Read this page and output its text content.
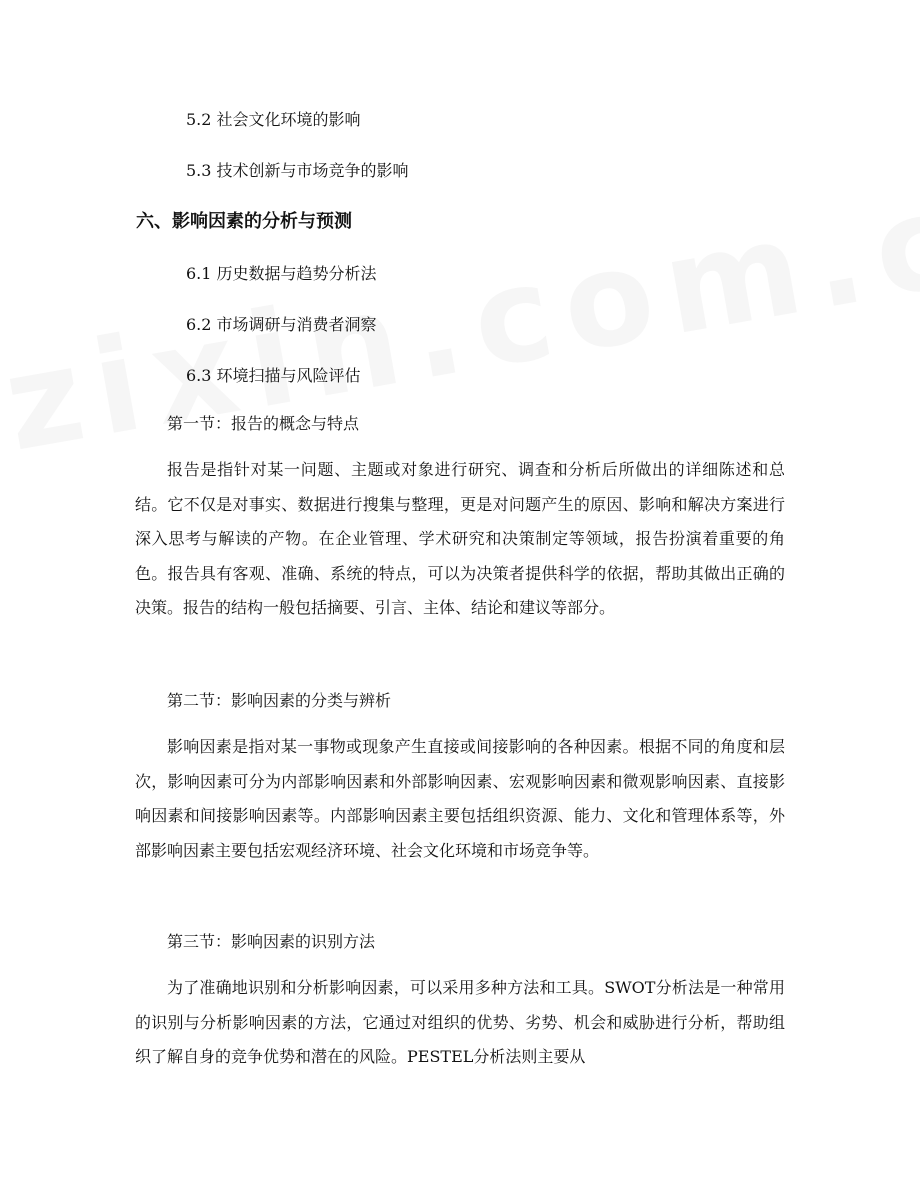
5.2 社会文化环境的影响
5.3 技术创新与市场竞争的影响
六、影响因素的分析与预测
6.1 历史数据与趋势分析法
6.2 市场调研与消费者洞察
6.3 环境扫描与风险评估
第一节：报告的概念与特点

报告是指针对某一问题、主题或对象进行研究、调查和分析后所做出的详细陈述和总结。它不仅是对事实、数据进行搜集与整理，更是对问题产生的原因、影响和解决方案进行深入思考与解读的产物。在企业管理、学术研究和决策制定等领域，报告扮演着重要的角色。报告具有客观、准确、系统的特点，可以为决策者提供科学的依据，帮助其做出正确的决策。报告的结构一般包括摘要、引言、主体、结论和建议等部分。

第二节：影响因素的分类与辨析

影响因素是指对某一事物或现象产生直接或间接影响的各种因素。根据不同的角度和层次，影响因素可分为内部影响因素和外部影响因素、宏观影响因素和微观影响因素、直接影响因素和间接影响因素等。内部影响因素主要包括组织资源、能力、文化和管理体系等，外部影响因素主要包括宏观经济环境、社会文化环境和市场竞争等。

第三节：影响因素的识别方法

为了准确地识别和分析影响因素，可以采用多种方法和工具。SWOT分析法是一种常用的识别与分析影响因素的方法，它通过对组织的优势、劣势、机会和威胁进行分析，帮助组织了解自身的竞争优势和潜在的风险。PESTEL分析法则主要从
